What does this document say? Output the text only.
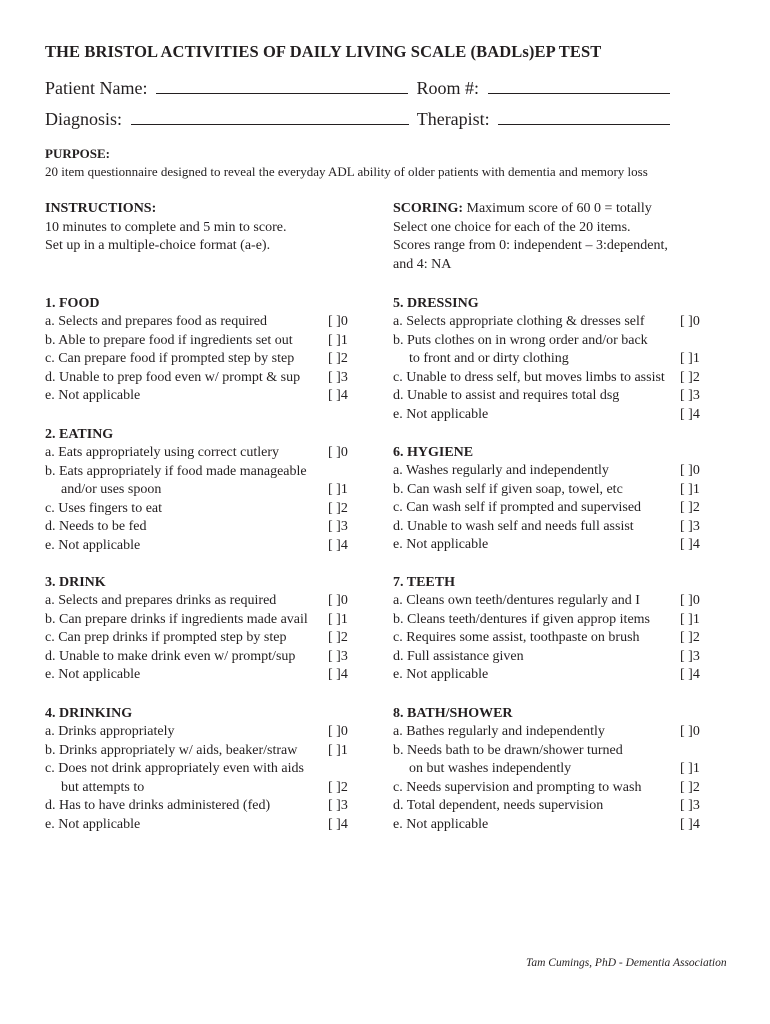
THE BRISTOL ACTIVITIES OF DAILY LIVING SCALE (BADLs)EP TEST
Patient Name:	Room #:
Diagnosis:	Therapist:
PURPOSE:
20 item questionnaire designed to reveal the everyday ADL ability of older patients with dementia and memory loss
INSTRUCTIONS:
10 minutes to complete and 5 min to score.
Set up in a multiple-choice format (a-e).
SCORING: Maximum score of 60 0 = totally
Select one choice for each of the 20 items.
Scores range from 0: independent – 3:dependent,
and 4: NA
1. FOOD
a. Selects and prepares food as required	[ ]0
b. Able to prepare food if ingredients set out	[ ]1
c. Can prepare food if prompted step by step [ ]2
d. Unable to prep food even w/ prompt & sup [ ]3
e. Not applicable	[ ]4
2. EATING
a. Eats appropriately using correct cutlery	[ ]0
b. Eats appropriately if food made manageable
and/or uses spoon	[ ]1
c. Uses fingers to eat	[ ]2
d. Needs to be fed	[ ]3
e. Not applicable	[ ]4
3. DRINK
a. Selects and prepares drinks as required	[ ]0
b. Can prepare drinks if ingredients made avail [ ]1
c. Can prep drinks if prompted step by step	[ ]2
d. Unable to make drink even w/ prompt/sup [ ]3
e. Not applicable	[ ]4
4. DRINKING
a. Drinks appropriately	[ ]0
b. Drinks appropriately w/ aids, beaker/straw [ ]1
c. Does not drink appropriately even with aids
but attempts to	[ ]2
d. Has to have drinks administered (fed)	[ ]3
e. Not applicable	[ ]4
5. DRESSING
a. Selects appropriate clothing & dresses self	[ ]0
b. Puts clothes on in wrong order and/or back
to front and or dirty clothing	[ ]1
c. Unable to dress self, but moves limbs to assist [ ]2
d. Unable to assist and requires total dsg	[ ]3
e. Not applicable	[ ]4
6. HYGIENE
a. Washes regularly and independently	[ ]0
b. Can wash self if given soap, towel, etc	[ ]1
c. Can wash self if prompted and supervised	[ ]2
d. Unable to wash self and needs full assist	[ ]3
e. Not applicable	[ ]4
7. TEETH
a. Cleans own teeth/dentures regularly and I	[ ]0
b. Cleans teeth/dentures if given approp items [ ]1
c. Requires some assist, toothpaste on brush	[ ]2
d. Full assistance given	[ ]3
e. Not applicable	[ ]4
8. BATH/SHOWER
a. Bathes regularly and independently	[ ]0
b. Needs bath to be drawn/shower turned
on but washes independently	[ ]1
c. Needs supervision and prompting to wash	[ ]2
d. Total dependent, needs supervision	[ ]3
e. Not applicable	[ ]4
Tam Cumings, PhD - Dementia Association
